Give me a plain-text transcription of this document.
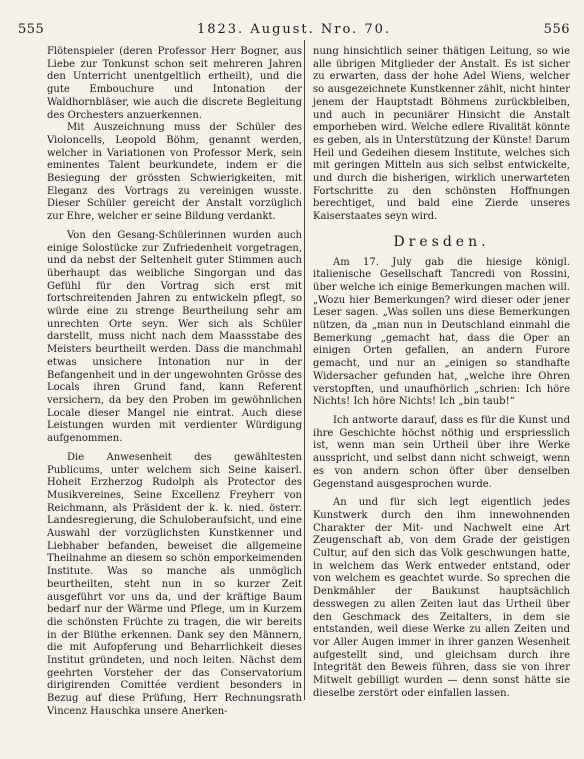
555	1823. August. Nro. 70.	556

Flötenspieler (deren Professor Herr Bogner, aus Liebe zur Tonkunst schon seit mehreren Jahren den Unterricht unentgeltlich ertheilt), und die gute Embouchure und Intonation der Waldhornbläser, wie auch die discrete Begleitung des Orchesters anzuerkennen.

Mit Auszeichnung muss der Schüler des Violoncells, Leopold Böhm, genannt werden, welcher in Variationen von Professor Merk, sein eminentes Talent beurkundete, indem er die Besiegung der grössten Schwierigkeiten, mit Eleganz des Vortrags zu vereinigen wusste. Dieser Schüler gereicht der Anstalt vorzüglich zur Ehre, welcher er seine Bildung verdankt.

Von den Gesang-Schülerinnen wurden auch einige Solostücke zur Zufriedenheit vorgetragen, und da nebst der Seltenheit guter Stimmen auch überhaupt das weibliche Singorgan und das Gefühl für den Vortrag sich erst mit fortschreitenden Jahren zu entwickeln pflegt, so würde eine zu strenge Beurtheilung sehr am unrechten Orte seyn. Wer sich als Schüler darstellt, muss nicht nach dem Maassstabe des Meisters beurtheilt werden. Dass die manchmahl etwas unsichere Intonation nur in der Befangenheit und in der ungewohnten Grösse des Locals ihren Grund fand, kann Referent versichern, da bey den Proben im gewöhnlichen Locale dieser Mangel nie eintrat. Auch diese Leistungen wurden mit verdienter Würdigung aufgenommen.

Die Anwesenheit des gewähltesten Publicums, unter welchem sich Seine kaiserl. Hoheit Erzherzog Rudolph als Protector des Musikvereines, Seine Excellenz Freyherr von Reichmann, als Präsident der k. k. nied. österr. Landesregierung, die Schuloberaufsicht, und eine Auswahl der vorzüglichsten Kunstkenner und Liebhaber befanden, beweiset die allgemeine Theilnahme an diesem so schön emporkeimenden Institute. Was so manche als unmöglich beurtheilten, steht nun in so kurzer Zeit ausgeführt vor uns da, und der kräftige Baum bedarf nur der Wärme und Pflege, um in Kurzem die schönsten Früchte zu tragen, die wir bereits in der Blüthe erkennen. Dank sey den Männern, die mit Aufopferung und Beharrlichkeit dieses Institut gründeten, und noch leiten. Nächst dem geehrten Vorsteher der das Conservatorium dirigirenden Comittée verdient besonders in Bezug auf diese Prüfung, Herr Rechnungsrath Vincenz Hauschka unsere Anerken-

nung hinsichtlich seiner thätigen Leitung, so wie alle übrigen Mitglieder der Anstalt. Es ist sicher zu erwarten, dass der hohe Adel Wiens, welcher so ausgezeichnete Kunstkenner zählt, nicht hinter jenem der Hauptstadt Böhmens zurückbleiben, und auch in pecuniärer Hinsicht die Anstalt emporheben wird. Welche edlere Rivalität könnte es geben, als in Unterstützung der Künste! Darum Heil und Gedeihen diesem Institute, welches sich mit geringen Mitteln aus sich selbst entwickelte, und durch die bisherigen, wirklich unerwarteten Fortschritte zu den schönsten Hoffnungen berechtiget, und bald eine Zierde unseres Kaiserstaates seyn wird.

Dresden.

Am 17. July gab die hiesige königl. italienische Gesellschaft Tancredi von Rossini, über welche ich einige Bemerkungen machen will. „Wozu hier Bemerkungen? wird dieser oder jener Leser sagen. „Was sollen uns diese Bemerkungen nützen, da „man nun in Deutschland einmahl die Bemerkung „gemacht hat, dass die Oper an einigen Orten gefallen, an andern Furore gemacht, und nur an „einigen so standhafte Widersacher gefunden hat, „welche ihre Ohren verstopften, und unaufhörlich „schrien: Ich höre Nichts! Ich höre Nichts! Ich „bin taub!“

Ich antworte darauf, dass es für die Kunst und ihre Geschichte höchst nöthig und erspriesslich ist, wenn man sein Urtheil über ihre Werke ausspricht, und selbst dann nicht schweigt, wenn es von andern schon öfter über denselben Gegenstand ausgesprochen wurde.

An und für sich legt eigentlich jedes Kunstwerk durch den ihm innewohnenden Charakter der Mit- und Nachwelt eine Art Zeugenschaft ab, von dem Grade der geistigen Cultur, auf den sich das Volk geschwungen hatte, in welchem das Werk entweder entstand, oder von welchem es geachtet wurde. So sprechen die Denkmähler der Baukunst hauptsächlich desswegen zu allen Zeiten laut das Urtheil über den Geschmack des Zeitalters, in dem sie entstanden, weil diese Werke zu allen Zeiten und vor Aller Augen immer in ihrer ganzen Wesenheit aufgestellt sind, und gleichsam durch ihre Integrität den Beweis führen, dass sie von ihrer Mitwelt gebilligt wurden — denn sonst hätte sie dieselbe zerstört oder einfallen lassen.
